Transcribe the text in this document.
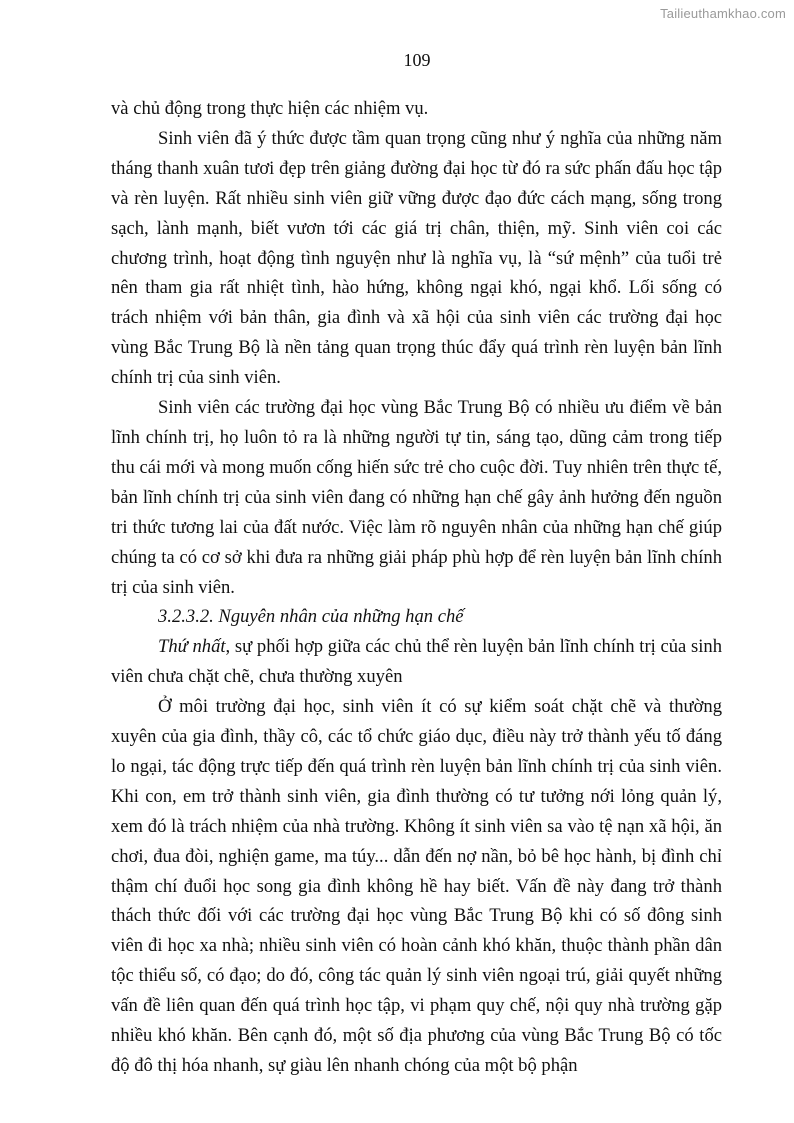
Tailieuthamkhao.com
109

và chủ động trong thực hiện các nhiệm vụ.

Sinh viên đã ý thức được tầm quan trọng cũng như ý nghĩa của những năm tháng thanh xuân tươi đẹp trên giảng đường đại học từ đó ra sức phấn đấu học tập và rèn luyện. Rất nhiều sinh viên giữ vững được đạo đức cách mạng, sống trong sạch, lành mạnh, biết vươn tới các giá trị chân, thiện, mỹ. Sinh viên coi các chương trình, hoạt động tình nguyện như là nghĩa vụ, là “sứ mệnh” của tuổi trẻ nên tham gia rất nhiệt tình, hào hứng, không ngại khó, ngại khổ. Lối sống có trách nhiệm với bản thân, gia đình và xã hội của sinh viên các trường đại học vùng Bắc Trung Bộ là nền tảng quan trọng thúc đẩy quá trình rèn luyện bản lĩnh chính trị của sinh viên.

Sinh viên các trường đại học vùng Bắc Trung Bộ có nhiều ưu điểm về bản lĩnh chính trị, họ luôn tỏ ra là những người tự tin, sáng tạo, dũng cảm trong tiếp thu cái mới và mong muốn cống hiến sức trẻ cho cuộc đời. Tuy nhiên trên thực tế, bản lĩnh chính trị của sinh viên đang có những hạn chế gây ảnh hưởng đến nguồn tri thức tương lai của đất nước. Việc làm rõ nguyên nhân của những hạn chế giúp chúng ta có cơ sở khi đưa ra những giải pháp phù hợp để rèn luyện bản lĩnh chính trị của sinh viên.

3.2.3.2. Nguyên nhân của những hạn chế

Thứ nhất, sự phối hợp giữa các chủ thể rèn luyện bản lĩnh chính trị của sinh viên chưa chặt chẽ, chưa thường xuyên

Ở môi trường đại học, sinh viên ít có sự kiểm soát chặt chẽ và thường xuyên của gia đình, thầy cô, các tổ chức giáo dục, điều này trở thành yếu tố đáng lo ngại, tác động trực tiếp đến quá trình rèn luyện bản lĩnh chính trị của sinh viên. Khi con, em trở thành sinh viên, gia đình thường có tư tưởng nới lỏng quản lý, xem đó là trách nhiệm của nhà trường. Không ít sinh viên sa vào tệ nạn xã hội, ăn chơi, đua đòi, nghiện game, ma túy... dẫn đến nợ nần, bỏ bê học hành, bị đình chỉ thậm chí đuổi học song gia đình không hề hay biết. Vấn đề này đang trở thành thách thức đối với các trường đại học vùng Bắc Trung Bộ khi có số đông sinh viên đi học xa nhà; nhiều sinh viên có hoàn cảnh khó khăn, thuộc thành phần dân tộc thiểu số, có đạo; do đó, công tác quản lý sinh viên ngoại trú, giải quyết những vấn đề liên quan đến quá trình học tập, vi phạm quy chế, nội quy nhà trường gặp nhiều khó khăn. Bên cạnh đó, một số địa phương của vùng Bắc Trung Bộ có tốc độ đô thị hóa nhanh, sự giàu lên nhanh chóng của một bộ phận
